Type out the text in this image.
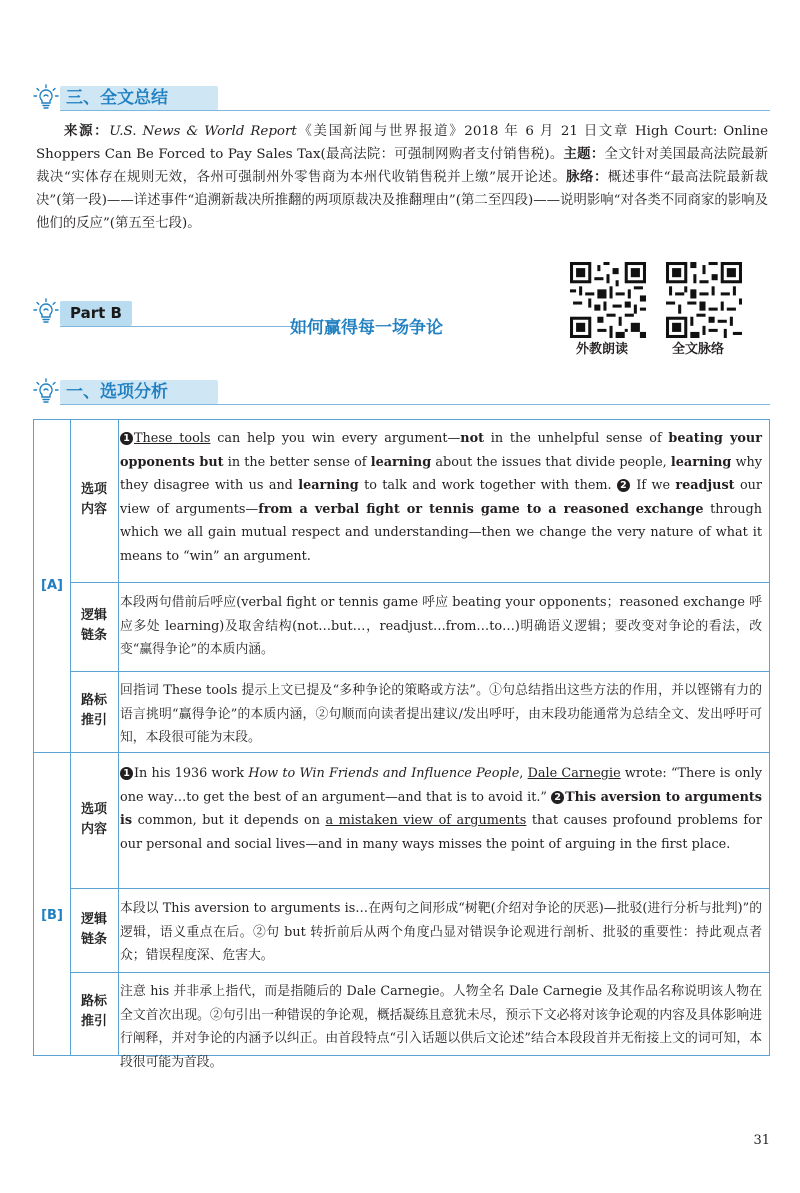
三、全文总结
来源：U.S. News & World Report《美国新闻与世界报道》2018 年 6 月 21 日文章 High Court: Online Shoppers Can Be Forced to Pay Sales Tax(最高法院：可强制网购者支付销售税)。主题：全文针对美国最高法院最新裁决“实体存在规则无效，各州可强制州外零售商为本州代收销售税并上缴”展开论述。脉络：概述事件“最高法院最新裁决”(第一段)——详述事件“追溯新裁决所推翻的两项原裁决及推翻理由”(第二至四段)——说明影响“对各类不同商家的影响及他们的反应”(第五至七段)。
Part B
如何赢得每一场争论
外教朗读	全文脉络
一、选项分析
[A]
[B]
选项
内容
逻辑
链条
路标
推引
选项
内容
逻辑
链条
路标
推引
1 These tools can help you win every argument—not in the unhelpful sense of beating your opponents but in the better sense of learning about the issues that divide people, learning why they disagree with us and learning to talk and work together with them. 2 If we readjust our view of arguments—from a verbal fight or tennis game to a reasoned exchange through which we all gain mutual respect and understanding—then we change the very nature of what it means to “win” an argument.
本段两句借前后呼应(verbal fight or tennis game 呼应 beating your opponents；reasoned exchange 呼应多处 learning)及取舍结构(not…but…，readjust…from…to…)明确语义逻辑；要改变对争论的看法，改变“赢得争论”的本质内涵。
回指词 These tools 提示上文已提及“多种争论的策略或方法”。①句总结指出这些方法的作用，并以铿锵有力的语言挑明“赢得争论”的本质内涵，②句顺而向读者提出建议/发出呼吁，由末段功能通常为总结全文、发出呼吁可知，本段很可能为末段。
1 In his 1936 work How to Win Friends and Influence People, Dale Carnegie wrote: “There is only one way…to get the best of an argument—and that is to avoid it.” 2 This aversion to arguments is common, but it depends on a mistaken view of arguments that causes profound problems for our personal and social lives—and in many ways misses the point of arguing in the first place.
本段以 This aversion to arguments is…在两句之间形成“树靶(介绍对争论的厌恶)—批驳(进行分析与批判)”的逻辑，语义重点在后。②句 but 转折前后从两个角度凸显对错误争论观进行剖析、批驳的重要性：持此观点者众；错误程度深、危害大。
注意 his 并非承上指代，而是指随后的 Dale Carnegie。人物全名 Dale Carnegie 及其作品名称说明该人物在全文首次出现。②句引出一种错误的争论观，概括凝练且意犹未尽，预示下文必将对该争论观的内容及具体影响进行阐释，并对争论的内涵予以纠正。由首段特点“引入话题以供后文论述”结合本段段首并无衔接上文的词可知，本段很可能为首段。
31
